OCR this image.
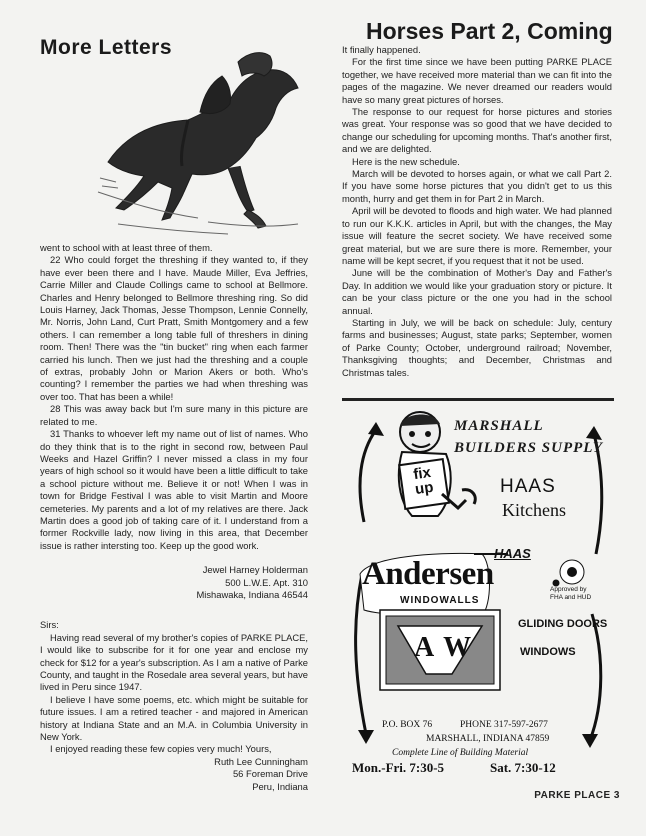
More Letters
Horses Part 2, Coming

went to school with at least three of them.

22 Who could forget the threshing if they wanted to, if they have ever been there and I have. Maude Miller, Eva Jeffries, Carrie Miller and Claude Collings came to school at Bellmore. Charles and Henry belonged to Bellmore threshing ring. So did Louis Harney, Jack Thomas, Jesse Thompson, Lennie Connelly, Mr. Norris, John Land, Curt Pratt, Smith Montgomery and a few others. I can remember a long table full of threshers in dining room. Then! There was the "tin bucket" ring when each farmer carried his lunch. Then we just had the threshing and a couple of extras, probably John or Marion Akers or both. Who's counting? I remember the parties we had when threshing was over too. That has been a while!

28 This was away back but I'm sure many in this picture are related to me.

31 Thanks to whoever left my name out of list of names. Who do they think that is to the right in second row, between Paul Weeks and Hazel Griffin? I never missed a class in my four years of high school so it would have been a little difficult to take a school picture without me. Believe it or not! When I was in town for Bridge Festival I was able to visit Martin and Moore cemeteries. My parents and a lot of my relatives are there. Jack Martin does a good job of taking care of it. I understand from a former Rockville lady, now living in this area, that December issue is rather intersting too. Keep up the good work.

Jewel Harney Holderman

500 L.W.E. Apt. 310

Mishawaka, Indiana 46544

Sirs:

Having read several of my brother's copies of PARKE PLACE, I would like to subscribe for it for one year and enclose my check for $12 for a year's subscription. As I am a native of Parke County, and taught in the Rosedale area several years, but have lived in Peru since 1947.

I believe I have some poems, etc. which might be suitable for future issues. I am a retired teacher - and majored in American history at Indiana State and an M.A. in Columbia University in New York.

I enjoyed reading these few copies very much! Yours,

Ruth Lee Cunningham

56 Foreman Drive

Peru, Indiana

It finally happened.

For the first time since we have been putting PARKE PLACE together, we have received more material than we can fit into the pages of the magazine. We never dreamed our readers would have so many great pictures of horses.

The response to our request for horse pictures and stories was great. Your response was so good that we have decided to change our scheduling for upcoming months. That's another first, and we are delighted.

Here is the new schedule.

March will be devoted to horses again, or what we call Part 2. If you have some horse pictures that you didn't get to us this month, hurry and get them in for Part 2 in March.

April will be devoted to floods and high water. We had planned to run our K.K.K. articles in April, but with the changes, the May issue will feature the secret society. We have received some great material, but we are sure there is more. Remember, your name will be kept secret, if you request that it not be used.

June will be the combination of Mother's Day and Father's Day. In addition we would like your graduation story or picture. It can be your class picture or the one you had in the school annual.

Starting in July, we will be back on schedule: July, century farms and businesses; August, state parks; September, women of Parke County; October, underground railroad; November, Thanksgiving thoughts; and December, Christmas and Christmas tales.

MARSHALL
BUILDERS SUPPLY
fix
up	HAAS
Kitchens
HAAS
Andersen
WINDOWALLS
Approved by
FHA and HUD
A W
GLIDING DOORS
WINDOWS
P.O. BOX 76	PHONE 317-597-2677
MARSHALL, INDIANA 47859
Complete Line of Building Material
Mon.-Fri. 7:30-5	Sat. 7:30-12
PARKE PLACE 3
